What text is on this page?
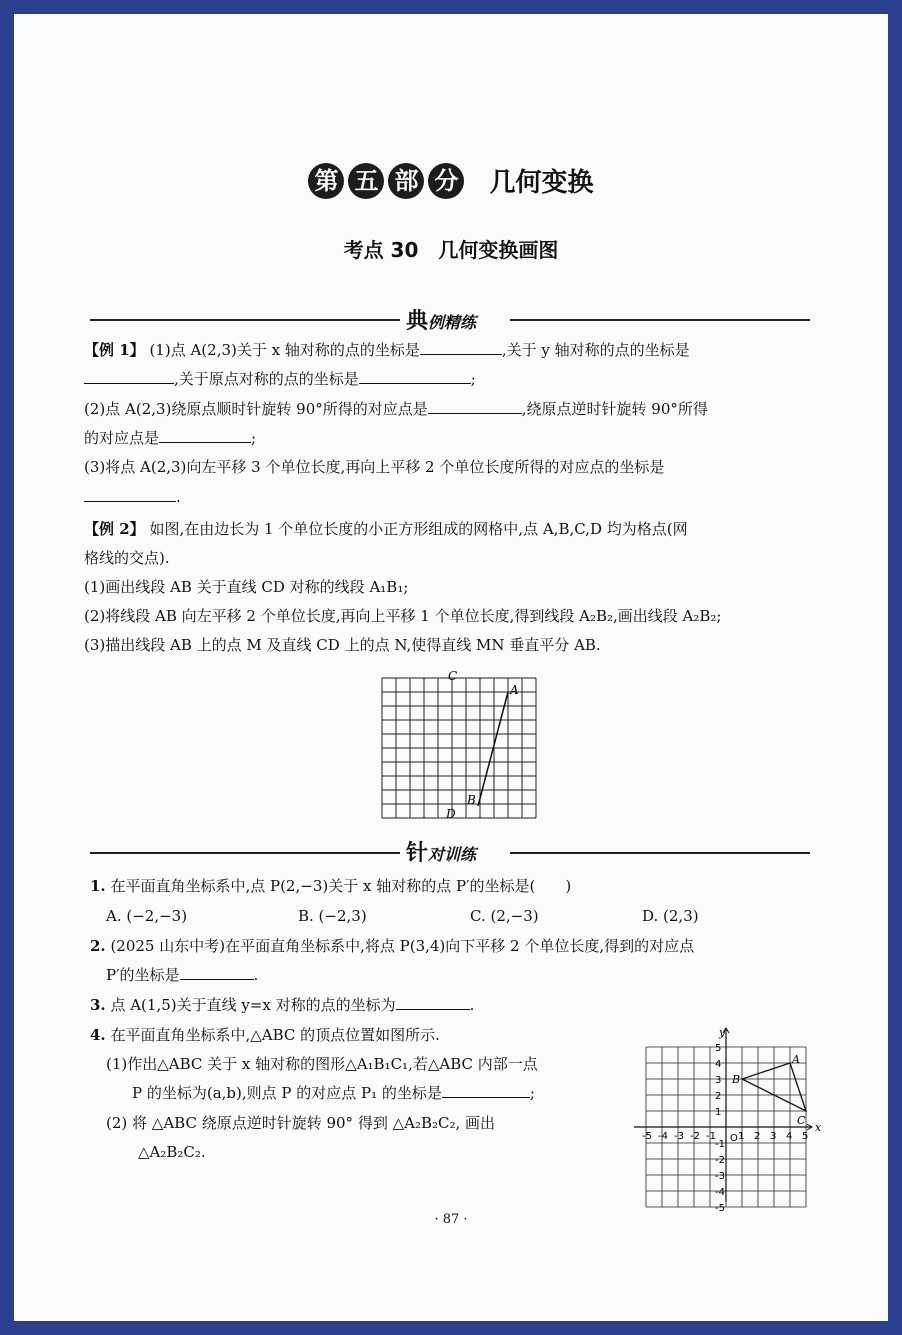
第 五 部 分 几何变换
考点 30　几何变换画图
典例精练
【例 1】 (1)点 A(2,3)关于 x 轴对称的点的坐标是	,关于 y 轴对称的点的坐标是
,关于原点对称的点的坐标是	;
(2)点 A(2,3)绕原点顺时针旋转 90°所得的对应点是	,绕原点逆时针旋转 90°所得
的对应点是	;
(3)将点 A(2,3)向左平移 3 个单位长度,再向上平移 2 个单位长度所得的对应点的坐标是
.
【例 2】 如图,在由边长为 1 个单位长度的小正方形组成的网格中,点 A,B,C,D 均为格点(网
格线的交点).
(1)画出线段 AB 关于直线 CD 对称的线段 A₁B₁;
(2)将线段 AB 向左平移 2 个单位长度,再向上平移 1 个单位长度,得到线段 A₂B₂,画出线段 A₂B₂;
(3)描出线段 AB 上的点 M 及直线 CD 上的点 N,使得直线 MN 垂直平分 AB.
A
B
C
D
针对训练
1. 在平面直角坐标系中,点 P(2,−3)关于 x 轴对称的点 P′的坐标是(　　)
A. (−2,−3)	B. (−2,3)	C. (2,−3)	D. (2,3)
2. (2025 山东中考)在平面直角坐标系中,将点 P(3,4)向下平移 2 个单位长度,得到的对应点
P′的坐标是	.
3. 点 A(1,5)关于直线 y=x 对称的点的坐标为	.
4. 在平面直角坐标系中,△ABC 的顶点位置如图所示.
(1)作出△ABC 关于 x 轴对称的图形△A₁B₁C₁,若△ABC 内部一点
P 的坐标为(a,b),则点 P 的对应点 P₁ 的坐标是	;
(2) 将 △ABC 绕原点逆时针旋转 90° 得到 △A₂B₂C₂, 画出
△A₂B₂C₂.
x
y
O
-5 -4 -3 -2 -1 1 2 3 4 5
5
4
3
2
1
-1
-2
-3
-4
-5
A
B
C
· 87 ·
